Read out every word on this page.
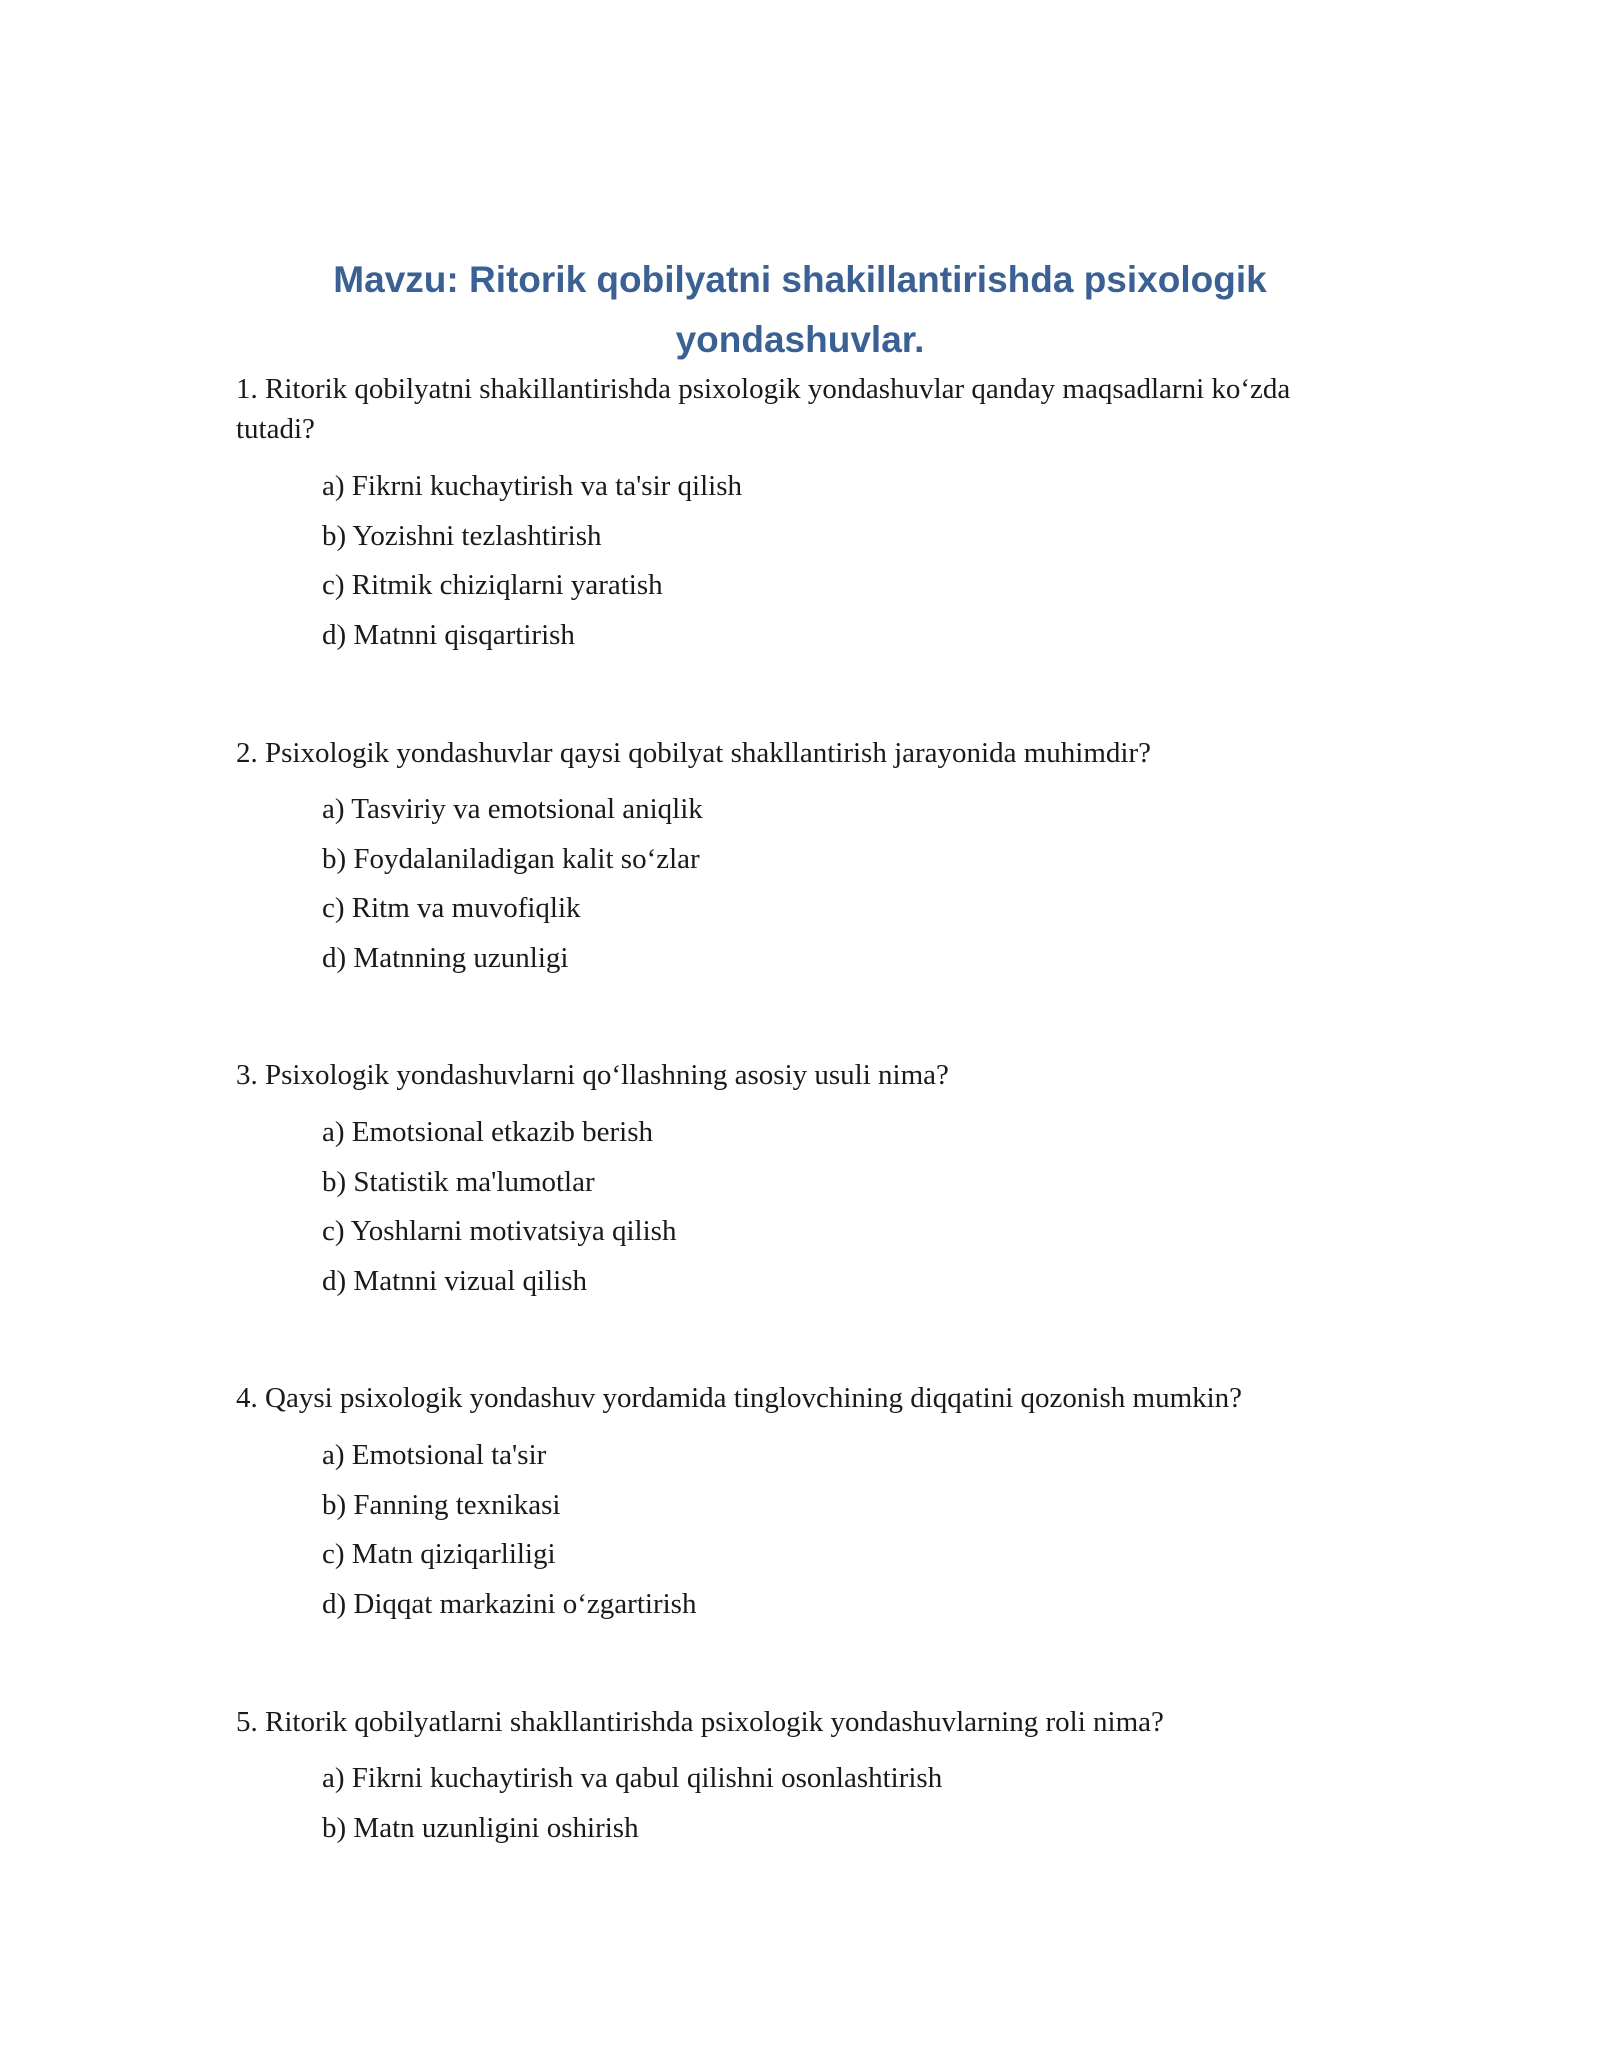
Mavzu: Ritorik qobilyatni shakillantirishda psixologik yondashuvlar.

1. Ritorik qobilyatni shakillantirishda psixologik yondashuvlar qanday maqsadlarni ko‘zda tutadi?

a) Fikrni kuchaytirish va ta'sir qilish
b) Yozishni tezlashtirish
c) Ritmik chiziqlarni yaratish
d) Matnni qisqartirish

2. Psixologik yondashuvlar qaysi qobilyat shakllantirish jarayonida muhimdir?

a) Tasviriy va emotsional aniqlik
b) Foydalaniladigan kalit so‘zlar
c) Ritm va muvofiqlik
d) Matnning uzunligi

3. Psixologik yondashuvlarni qo‘llashning asosiy usuli nima?

a) Emotsional etkazib berish
b) Statistik ma'lumotlar
c) Yoshlarni motivatsiya qilish
d) Matnni vizual qilish

4. Qaysi psixologik yondashuv yordamida tinglovchining diqqatini qozonish mumkin?

a) Emotsional ta'sir
b) Fanning texnikasi
c) Matn qiziqarliligi
d) Diqqat markazini o‘zgartirish

5. Ritorik qobilyatlarni shakllantirishda psixologik yondashuvlarning roli nima?

a) Fikrni kuchaytirish va qabul qilishni osonlashtirish
b) Matn uzunligini oshirish
